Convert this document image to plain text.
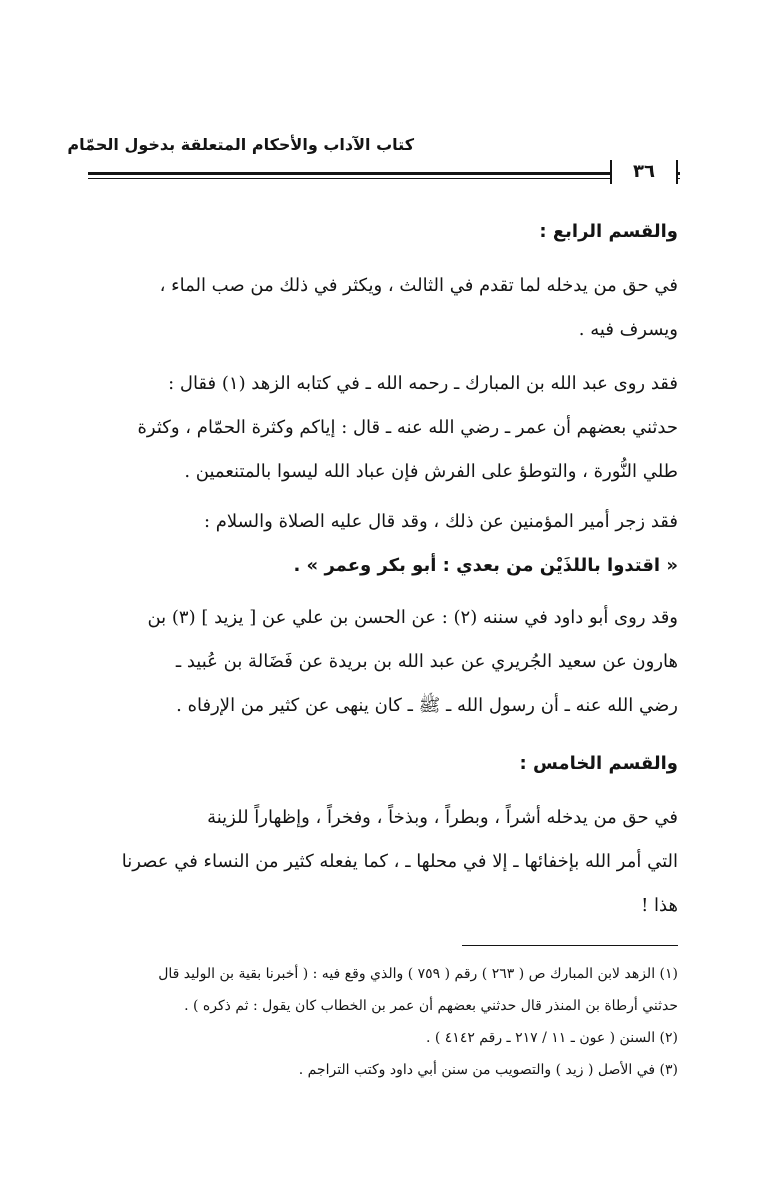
كتاب الآداب والأحكام المتعلقة بدخول الحمّام
٣٦
والقسم الرابع :
في حق من يدخله لما تقدم في الثالث ، ويكثر في ذلك من صب الماء ،
ويسرف فيه .
فقد روى عبد الله بن المبارك ـ رحمه الله ـ في كتابه الزهد (١) فقال :
حدثني بعضهم أن عمر ـ رضي الله عنه ـ قال : إياكم وكثرة الحمّام ، وكثرة
طلي النُّورة ، والتوطؤ على الفرش فإن عباد الله ليسوا بالمتنعمين .
فقد زجر أمير المؤمنين عن ذلك ، وقد قال عليه الصلاة والسلام :
« اقتدوا باللذَيْن من بعدي : أبو بكر وعمر » .
وقد روى أبو داود في سننه (٢) : عن الحسن بن علي عن [ يزيد ] (٣) بن
هارون عن سعيد الجُريري عن عبد الله بن بريدة عن فَضَالة بن عُبيد ـ
رضي الله عنه ـ أن رسول الله ـ ﷺ ـ كان ينهى عن كثير من الإرفاه .
والقسم الخامس :
في حق من يدخله أشراً ، وبطراً ، وبذخاً ، وفخراً ، وإظهاراً للزينة
التي أمر الله بإخفائها ـ إلا في محلها ـ ، كما يفعله كثير من النساء في عصرنا
هذا !
(١) الزهد لابن المبارك ص ( ٢٦٣ ) رقم ( ٧٥٩ ) والذي وقع فيه : ( أخبرنا بقية بن الوليد قال
حدثني أرطاة بن المنذر قال حدثني بعضهم أن عمر بن الخطاب كان يقول : ثم ذكره ) .
(٢) السنن ( عون ـ ١١ / ٢١٧ ـ رقم ٤١٤٢ ) .
(٣) في الأصل ( زيد ) والتصويب من سنن أبي داود وكتب التراجم .
